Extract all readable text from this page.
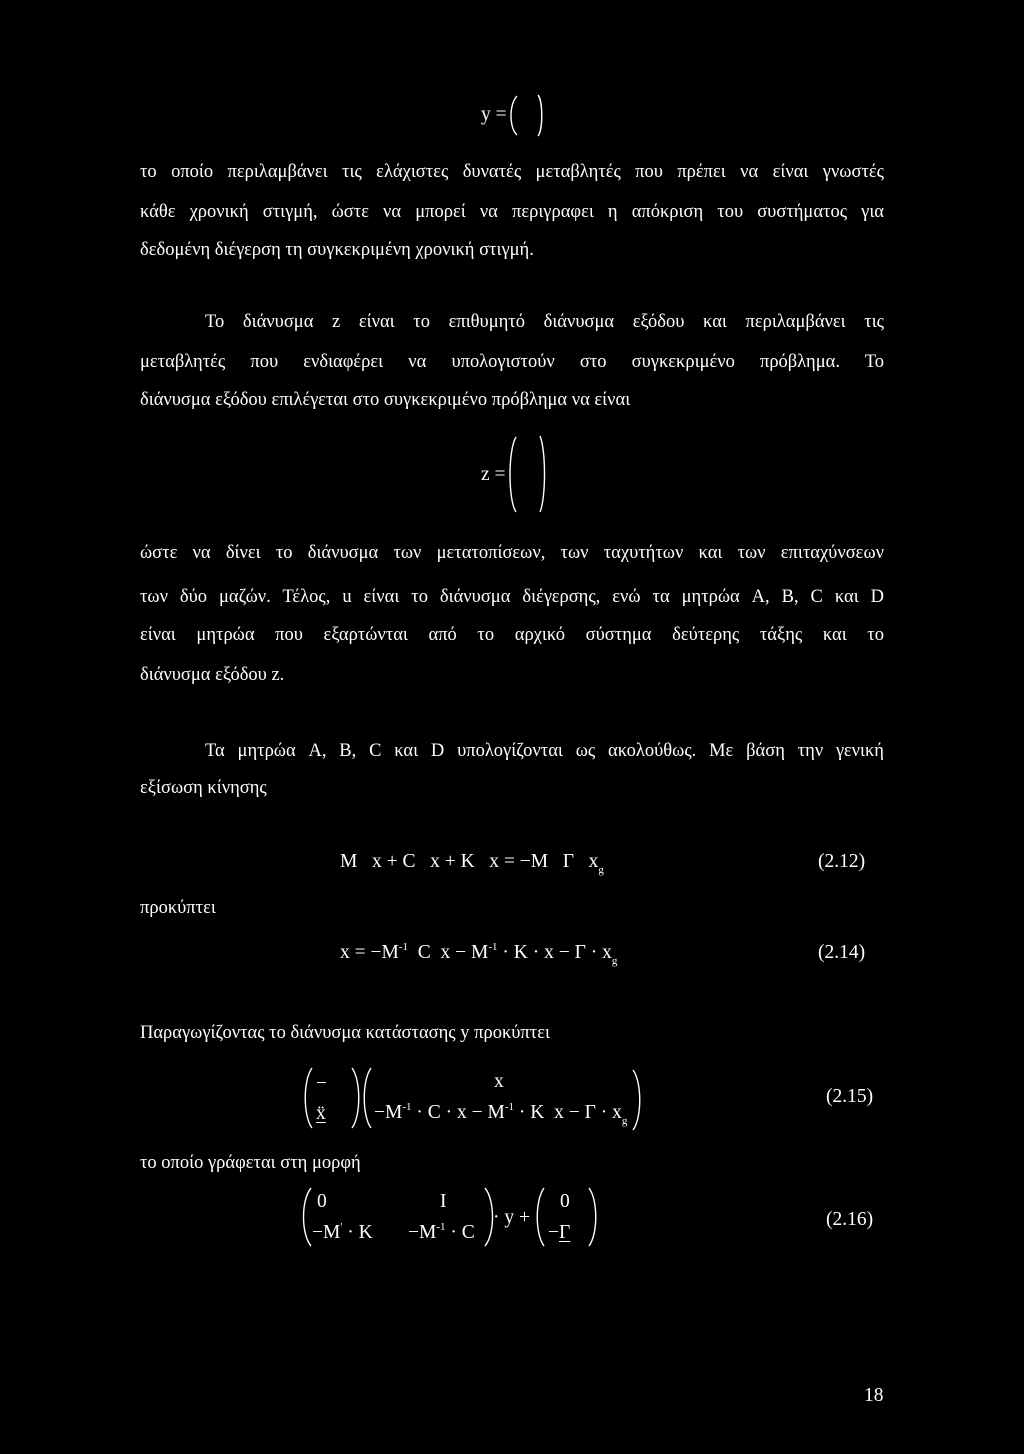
y =
το οποίο περιλαμβάνει τις ελάχιστες δυνατές μεταβλητές που πρέπει να είναι γνωστές
κάθε χρονική στιγμή, ώστε να μπορεί να περιγραφει η απόκριση του συστήματος για
δεδομένη διέγερση τη συγκεκριμένη χρονική στιγμή.
Το διάνυσμα z είναι το επιθυμητό διάνυσμα εξόδου και περιλαμβάνει τις
μεταβλητές που ενδιαφέρει να υπολογιστούν στο συγκεκριμένο πρόβλημα. Το
διάνυσμα εξόδου επιλέγεται στο συγκεκριμένο πρόβλημα να είναι
z =
ώστε να δίνει το διάνυσμα των μετατοπίσεων, των ταχυτήτων και των επιταχύνσεων
των δύο μαζών. Τέλος, u είναι το διάνυσμα διέγερσης, ενώ τα μητρώα A, B, C και D
είναι μητρώα που εξαρτώνται από το αρχικό σύστημα δεύτερης τάξης και το
διάνυσμα εξόδου z.
Τα μητρώα A, B, C και D υπολογίζονται ως ακολούθως. Με βάση την γενική
εξίσωση κίνησης
M   x + C   x + K   x = −M   Γ   $x_g$	(2.12)
προκύπτει
$x = -M^{-1}$  C  $x - M^{-1} \cdot K \cdot x - \Gamma \cdot x_g$	(2.14)
Παραγωγίζοντας το διάνυσμα κατάστασης y προκύπτει
−
ẍ
x
$-M^{-1} \cdot C \cdot x - M^{-1} \cdot K$  $x - \Gamma \cdot x_g$
(2.15)
το οποίο γράφεται στη μορφή
0	I
$-M' \cdot K -M^{-1} \cdot C$
· y +
0
−Γ
(2.16)
18
